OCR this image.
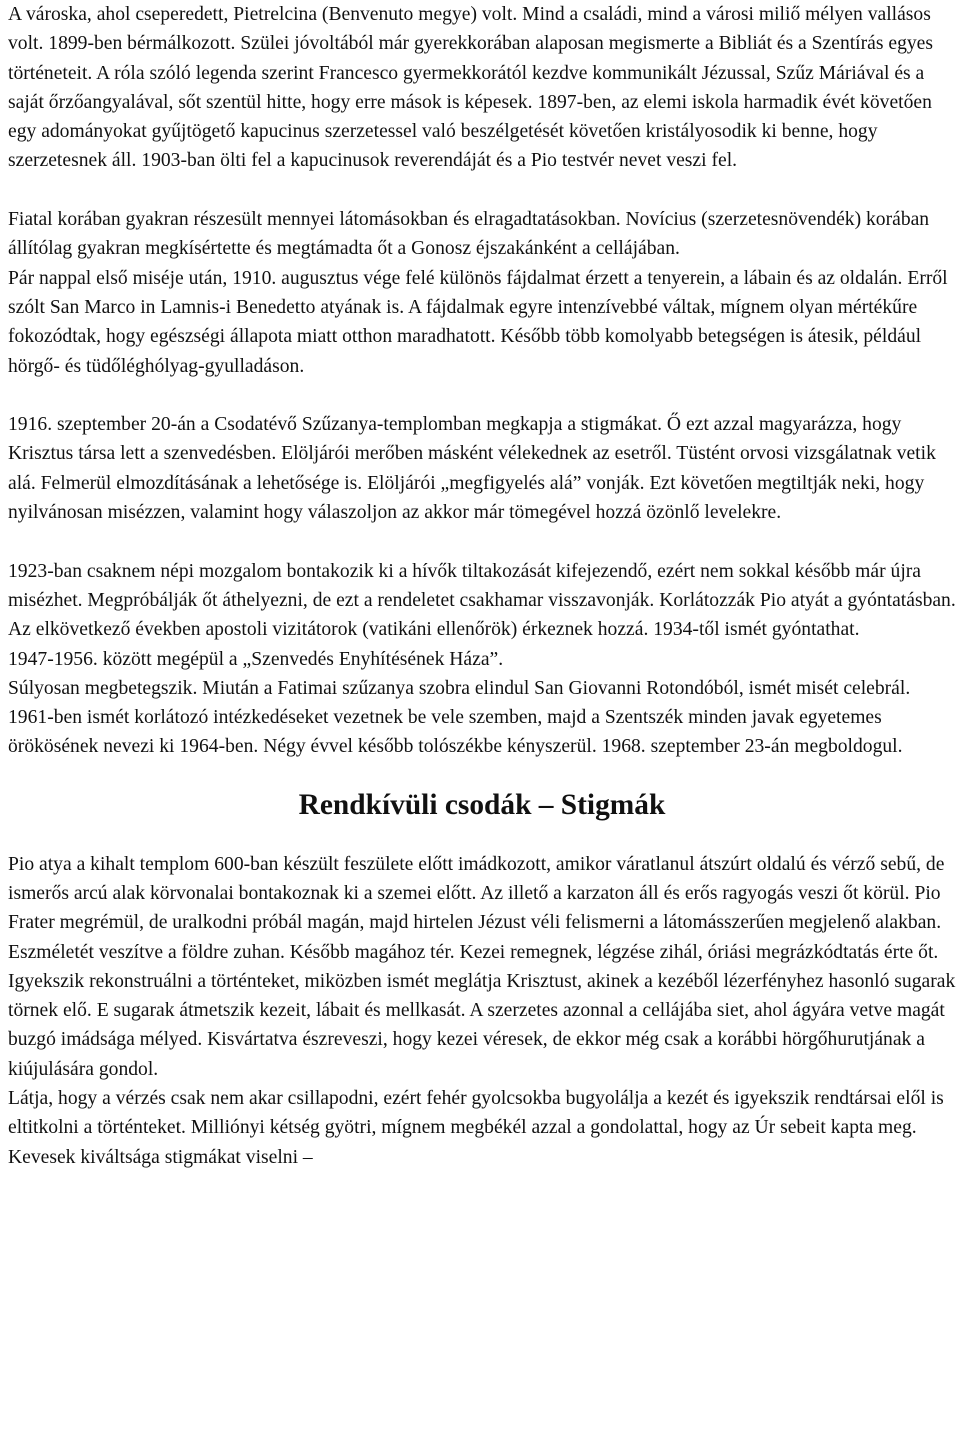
A városka, ahol cseperedett, Pietrelcina (Benvenuto megye) volt. Mind a családi, mind a városi miliő mélyen vallásos volt. 1899-ben bérmálkozott. Szülei jóvoltából már gyerekkorában alaposan megismerte a Bibliát és a Szentírás egyes történeteit. A róla szóló legenda szerint Francesco gyermekkorától kezdve kommunikált Jézussal, Szűz Máriával és a saját őrzőangyalával, sőt szentül hitte, hogy erre mások is képesek. 1897-ben, az elemi iskola harmadik évét követően egy adományokat gyűjtögető kapucinus szerzetessel való beszélgetését követően kristályosodik ki benne, hogy szerzetesnek áll. 1903-ban ölti fel a kapucinusok reverendáját és a Pio testvér nevet veszi fel.

Fiatal korában gyakran részesült mennyei látomásokban és elragadtatásokban. Novícius (szerzetesnövendék) korában állítólag gyakran megkísértette és megtámadta őt a Gonosz éjszakánként a cellájában.

Pár nappal első miséje után, 1910. augusztus vége felé különös fájdalmat érzett a tenyerein, a lábain és az oldalán. Erről szólt San Marco in Lamnis-i Benedetto atyának is. A fájdalmak egyre intenzívebbé váltak, mígnem olyan mértékűre fokozódtak, hogy egészségi állapota miatt otthon maradhatott. Később több komolyabb betegségen is átesik, például hörgő- és tüdőléghólyag-gyulladáson.

1916. szeptember 20-án a Csodatévő Szűzanya-templomban megkapja a stigmákat. Ő ezt azzal magyarázza, hogy Krisztus társa lett a szenvedésben. Elöljárói merőben másként vélekednek az esetről. Tüstént orvosi vizsgálatnak vetik alá. Felmerül elmozdításának a lehetősége is. Elöljárói „megfigyelés alá” vonják. Ezt követően megtiltják neki, hogy nyilvánosan misézzen, valamint hogy válaszoljon az akkor már tömegével hozzá özönlő levelekre.

1923-ban csaknem népi mozgalom bontakozik ki a hívők tiltakozását kifejezendő, ezért nem sokkal később már újra misézhet. Megpróbálják őt áthelyezni, de ezt a rendeletet csakhamar visszavonják. Korlátozzák Pio atyát a gyóntatásban. Az elkövetkező években apostoli vizitátorok (vatikáni ellenőrök) érkeznek hozzá. 1934-től ismét gyóntathat.

1947-1956. között megépül a „Szenvedés Enyhítésének Háza”.

Súlyosan megbetegszik. Miután a Fatimai szűzanya szobra elindul San Giovanni Rotondóból, ismét misét celebrál. 1961-ben ismét korlátozó intézkedéseket vezetnek be vele szemben, majd a Szentszék minden javak egyetemes örökösének nevezi ki 1964-ben. Négy évvel később tolószékbe kényszerül. 1968. szeptember 23-án megboldogul.

Rendkívüli csodák – Stigmák

Pio atya a kihalt templom 600-ban készült feszülete előtt imádkozott, amikor váratlanul átszúrt oldalú és vérző sebű, de ismerős arcú alak körvonalai bontakoznak ki a szemei előtt. Az illető a karzaton áll és erős ragyogás veszi őt körül. Pio Frater megrémül, de uralkodni próbál magán, majd hirtelen Jézust véli felismerni a látomásszerűen megjelenő alakban. Eszméletét veszítve a földre zuhan. Később magához tér. Kezei remegnek, légzése zihál, óriási megrázkódtatás érte őt. Igyekszik rekonstruálni a történteket, miközben ismét meglátja Krisztust, akinek a kezéből lézerfényhez hasonló sugarak törnek elő. E sugarak átmetszik kezeit, lábait és mellkasát. A szerzetes azonnal a cellájába siet, ahol ágyára vetve magát buzgó imádsága mélyed. Kisvártatva észreveszi, hogy kezei véresek, de ekkor még csak a korábbi hörgőhurutjának a kiújulására gondol.

Látja, hogy a vérzés csak nem akar csillapodni, ezért fehér gyolcsokba bugyolálja a kezét és igyekszik rendtársai elől is eltitkolni a történteket. Milliónyi kétség gyötri, mígnem megbékél azzal a gondolattal, hogy az Úr sebeit kapta meg. Kevesek kiváltsága stigmákat viselni –
